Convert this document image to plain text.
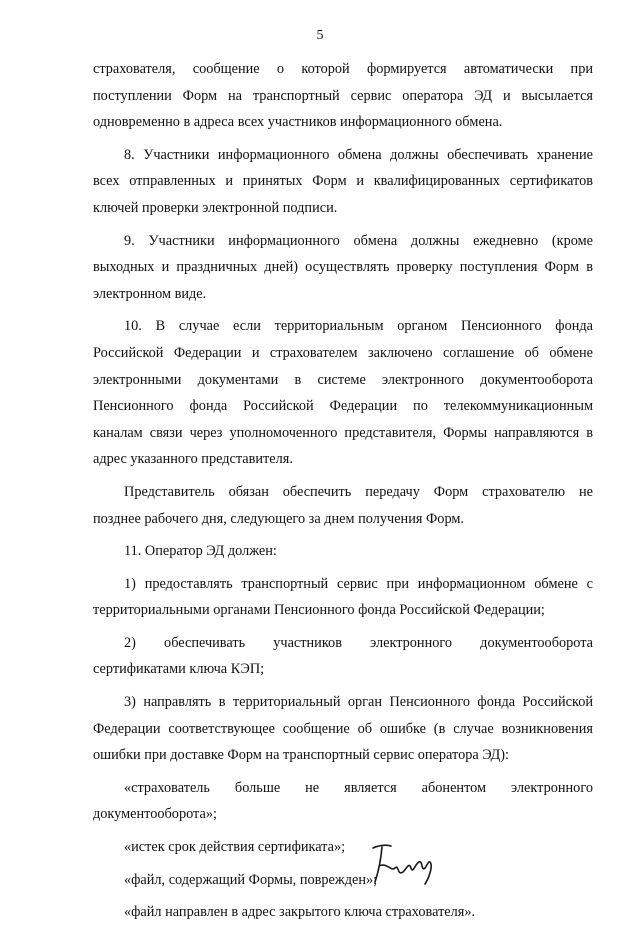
5

страхователя, сообщение о которой формируется автоматически при
поступлении Форм на транспортный сервис оператора ЭД и высылается
одновременно в адреса всех участников информационного обмена.

8. Участники информационного обмена должны обеспечивать хранение
всех отправленных и принятых Форм и квалифицированных сертификатов
ключей проверки электронной подписи.

9. Участники информационного обмена должны ежедневно (кроме
выходных и праздничных дней) осуществлять проверку поступления Форм в
электронном виде.

10. В случае если территориальным органом Пенсионного фонда
Российской Федерации и страхователем заключено соглашение об обмене
электронными документами в системе электронного документооборота
Пенсионного фонда Российской Федерации по телекоммуникационным
каналам связи через уполномоченного представителя, Формы направляются в
адрес указанного представителя.

Представитель обязан обеспечить передачу Форм страхователю не
позднее рабочего дня, следующего за днем получения Форм.

11. Оператор ЭД должен:

1) предоставлять транспортный сервис при информационном обмене с
территориальными органами Пенсионного фонда Российской Федерации;

2) обеспечивать участников электронного документооборота
сертификатами ключа КЭП;

3) направлять в территориальный орган Пенсионного фонда Российской
Федерации соответствующее сообщение об ошибке (в случае возникновения
ошибки при доставке Форм на транспортный сервис оператора ЭД):

«страхователь больше не является абонентом электронного
документооборота»;

«истек срок действия сертификата»;

«файл, содержащий Формы, поврежден»;

«файл направлен в адрес закрытого ключа страхователя».
